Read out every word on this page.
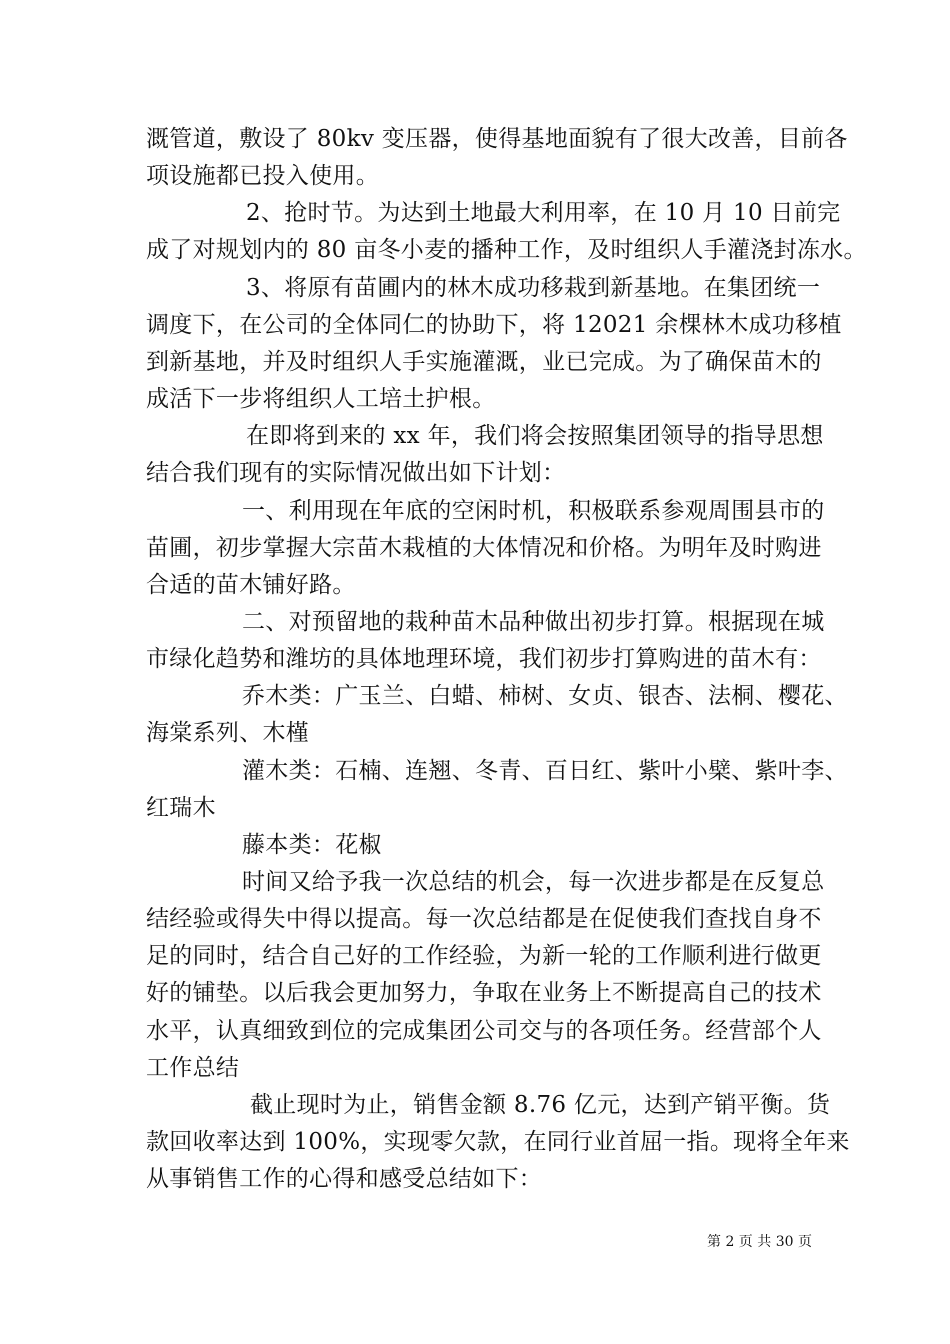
溉管道，敷设了 80kv 变压器，使得基地面貌有了很大改善，目前各
项设施都已投入使用。
2、抢时节。为达到土地最大利用率，在 10 月 10 日前完
成了对规划内的 80 亩冬小麦的播种工作，及时组织人手灌浇封冻水。
3、将原有苗圃内的林木成功移栽到新基地。在集团统一
调度下，在公司的全体同仁的协助下，将 12021 余棵林木成功移植
到新基地，并及时组织人手实施灌溉，业已完成。为了确保苗木的
成活下一步将组织人工培土护根。
在即将到来的 xx 年，我们将会按照集团领导的指导思想
结合我们现有的实际情况做出如下计划：
一、利用现在年底的空闲时机，积极联系参观周围县市的
苗圃，初步掌握大宗苗木栽植的大体情况和价格。为明年及时购进
合适的苗木铺好路。
二、对预留地的栽种苗木品种做出初步打算。根据现在城
市绿化趋势和潍坊的具体地理环境，我们初步打算购进的苗木有：
乔木类：广玉兰、白蜡、柿树、女贞、银杏、法桐、樱花、
海棠系列、木槿
灌木类：石楠、连翘、冬青、百日红、紫叶小檗、紫叶李、
红瑞木
藤本类：花椒
时间又给予我一次总结的机会，每一次进步都是在反复总
结经验或得失中得以提高。每一次总结都是在促使我们查找自身不
足的同时，结合自己好的工作经验，为新一轮的工作顺利进行做更
好的铺垫。以后我会更加努力，争取在业务上不断提高自己的技术
水平，认真细致到位的完成集团公司交与的各项任务。经营部个人
工作总结
截止现时为止，销售金额 8.76 亿元，达到产销平衡。货
款回收率达到 100%，实现零欠款，在同行业首屈一指。现将全年来
从事销售工作的心得和感受总结如下：
第 2 页 共 30 页
